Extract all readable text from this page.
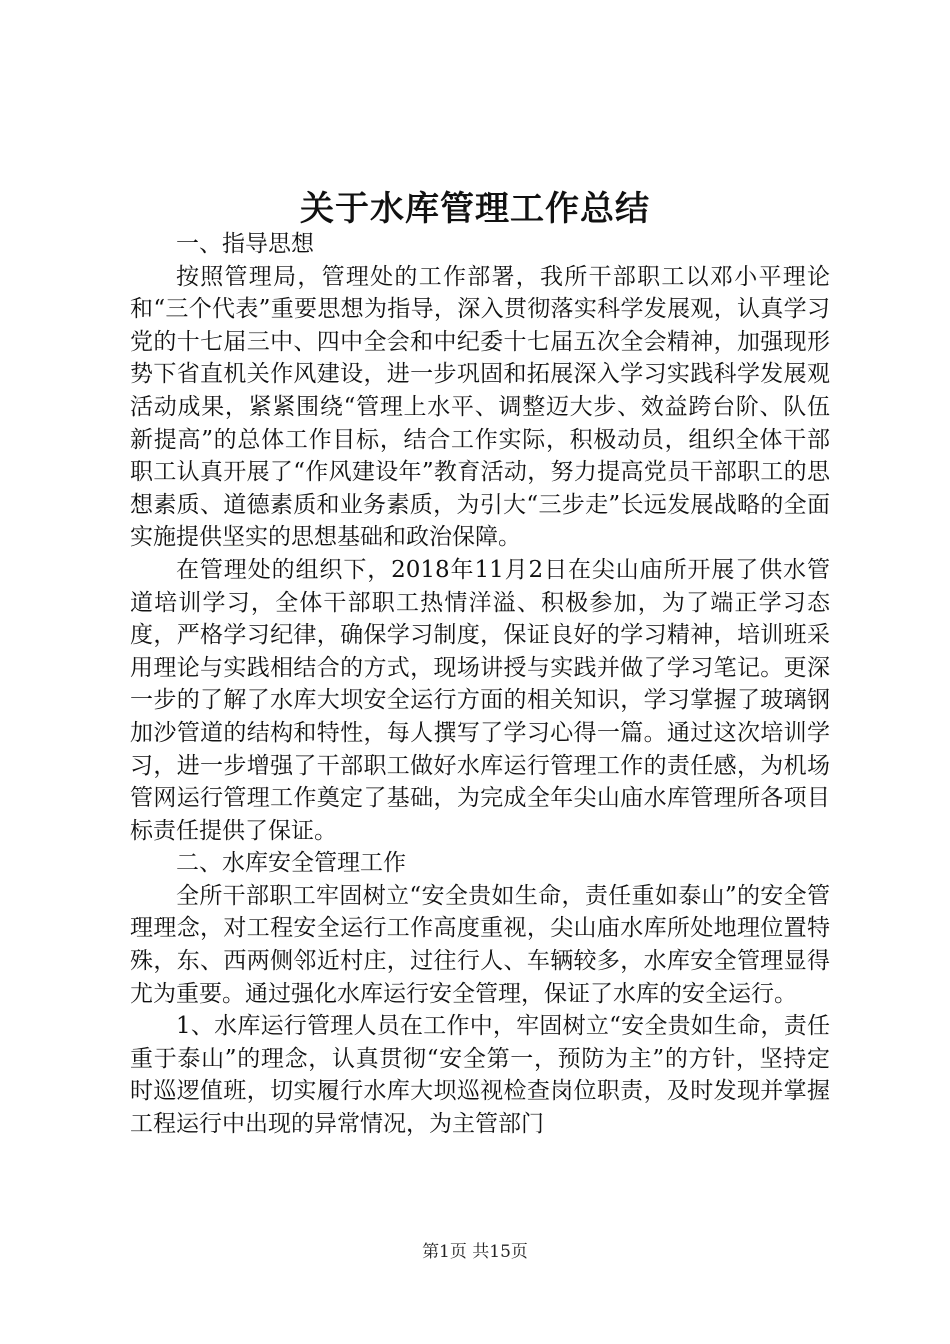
关于水库管理工作总结

一、指导思想

按照管理局，管理处的工作部署，我所干部职工以邓小平理论和“三个代表”重要思想为指导，深入贯彻落实科学发展观，认真学习党的十七届三中、四中全会和中纪委十七届五次全会精神，加强现形势下省直机关作风建设，进一步巩固和拓展深入学习实践科学发展观活动成果，紧紧围绕“管理上水平、调整迈大步、效益跨台阶、队伍新提高”的总体工作目标，结合工作实际，积极动员，组织全体干部职工认真开展了“作风建设年”教育活动，努力提高党员干部职工的思想素质、道德素质和业务素质，为引大“三步走”长远发展战略的全面实施提供坚实的思想基础和政治保障。

在管理处的组织下，2018年11月2日在尖山庙所开展了供水管道培训学习，全体干部职工热情洋溢、积极参加，为了端正学习态度，严格学习纪律，确保学习制度，保证良好的学习精神，培训班采用理论与实践相结合的方式，现场讲授与实践并做了学习笔记。更深一步的了解了水库大坝安全运行方面的相关知识，学习掌握了玻璃钢加沙管道的结构和特性，每人撰写了学习心得一篇。通过这次培训学习，进一步增强了干部职工做好水库运行管理工作的责任感，为机场管网运行管理工作奠定了基础，为完成全年尖山庙水库管理所各项目标责任提供了保证。

二、水库安全管理工作

全所干部职工牢固树立“安全贵如生命，责任重如泰山”的安全管理理念，对工程安全运行工作高度重视，尖山庙水库所处地理位置特殊，东、西两侧邻近村庄，过往行人、车辆较多，水库安全管理显得尤为重要。通过强化水库运行安全管理，保证了水库的安全运行。

1、水库运行管理人员在工作中，牢固树立“安全贵如生命，责任重于泰山”的理念，认真贯彻“安全第一，预防为主”的方针，坚持定时巡逻值班，切实履行水库大坝巡视检查岗位职责，及时发现并掌握工程运行中出现的异常情况，为主管部门

第1页 共15页
